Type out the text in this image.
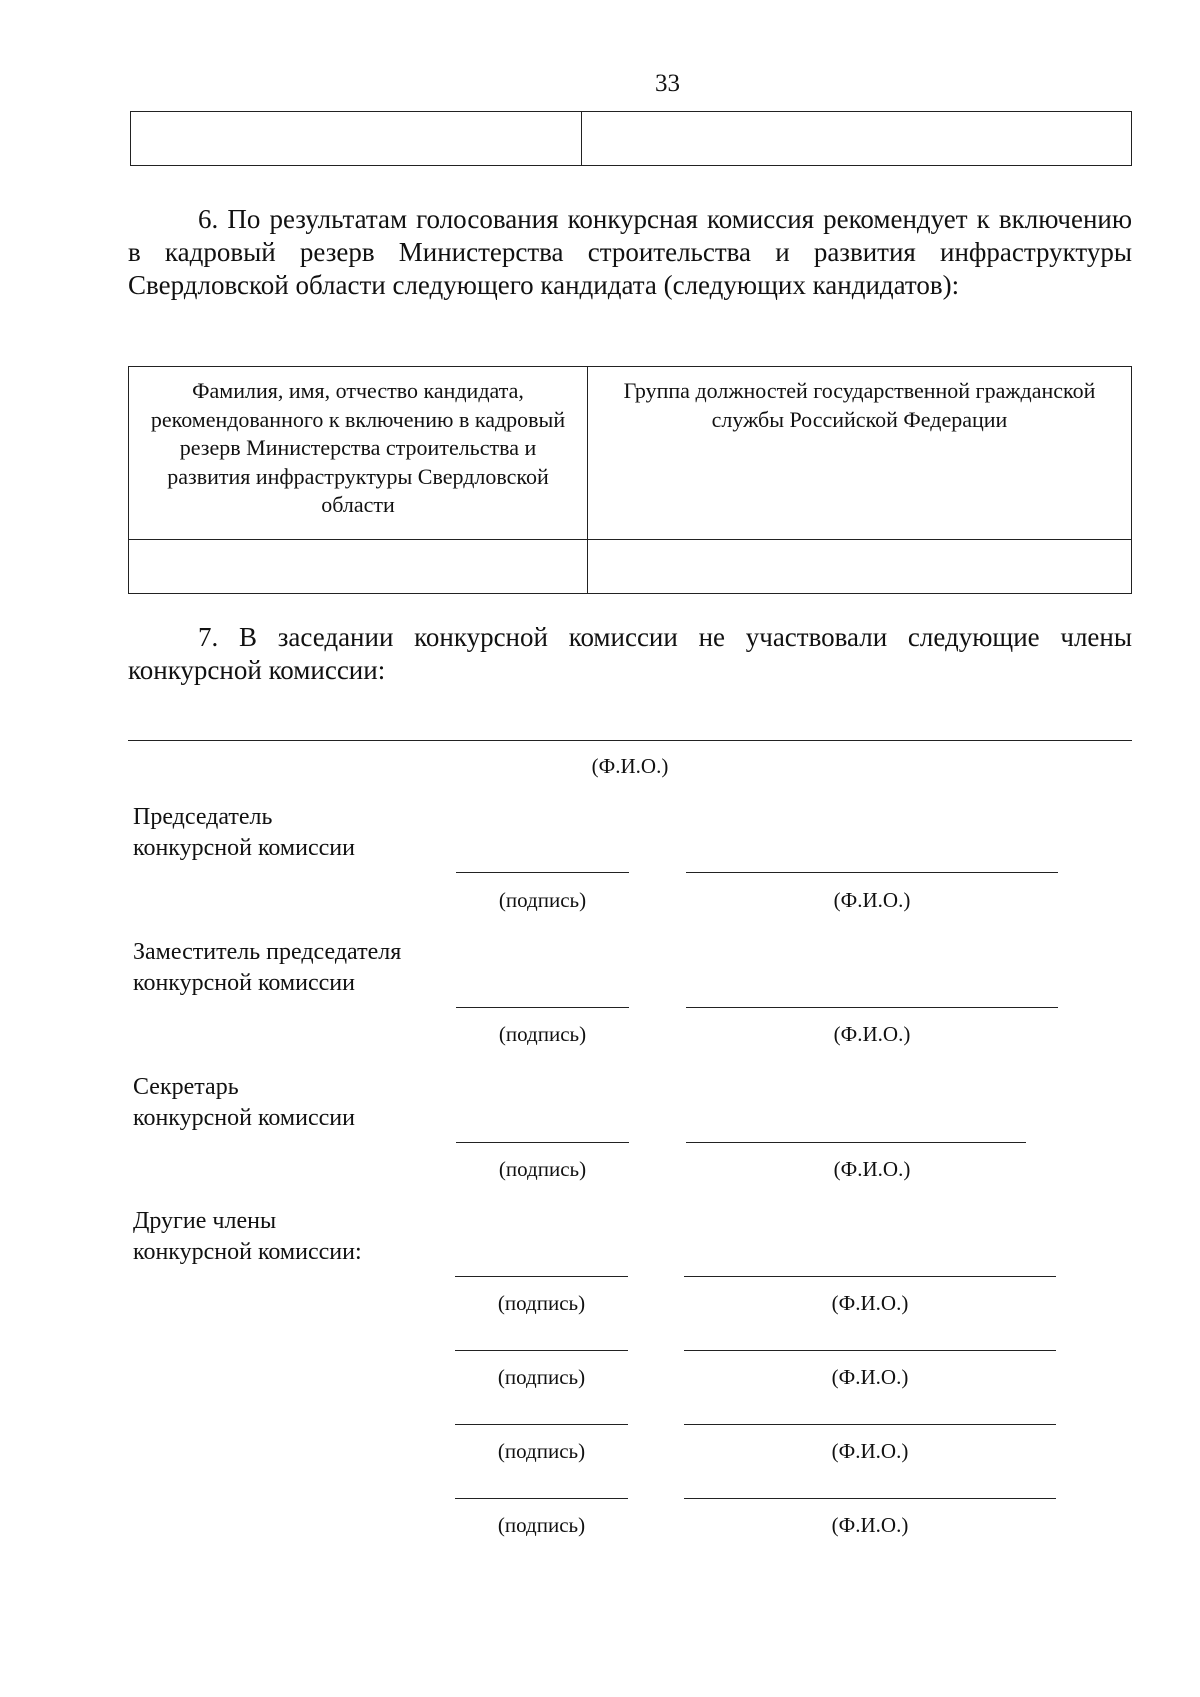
33

6. По результатам голосования конкурсная комиссия рекомендует к включению в кадровый резерв Министерства строительства и развития инфраструктуры Свердловской области следующего кандидата (следующих кандидатов):
Фамилия, имя, отчество кандидата, рекомендованного к включению в кадровый резерв Министерства строительства и развития инфраструктуры Свердловской области	Группа должностей государственной гражданской службы Российской Федерации

7. В заседании конкурсной комиссии не участвовали следующие члены конкурсной комиссии:
(Ф.И.О.)
Председатель
конкурсной комиссии
(подпись)	(Ф.И.О.)
Заместитель председателя
конкурсной комиссии
(подпись)	(Ф.И.О.)
Секретарь
конкурсной комиссии
(подпись)	(Ф.И.О.)
Другие члены
конкурсной комиссии:
(подпись)	(Ф.И.О.)
(подпись)	(Ф.И.О.)
(подпись)	(Ф.И.О.)
(подпись)	(Ф.И.О.)
